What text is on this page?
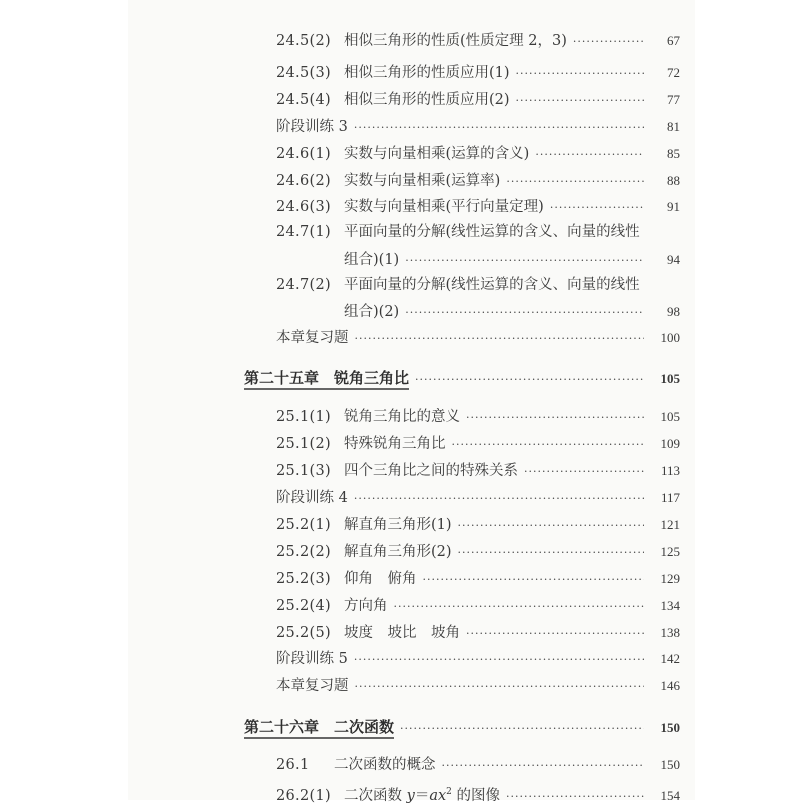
24.5(2) 相似三角形的性质(性质定理 2，3) ·····	67
24.5(3) 相似三角形的性质应用(1) ·····	72
24.5(4) 相似三角形的性质应用(2) ·····	77
阶段训练 3 ·····	81
24.6(1) 实数与向量相乘(运算的含义) ·····	85
24.6(2) 实数与向量相乘(运算率) ·····	88
24.6(3) 实数与向量相乘(平行向量定理) ·····	91
24.7(1) 平面向量的分解(线性运算的含义、向量的线性
组合)(1) ·····	94
24.7(2) 平面向量的分解(线性运算的含义、向量的线性
组合)(2) ·····	98
本章复习题 ·····	100
第二十五章　锐角三角比 ·····	105
25.1(1) 锐角三角比的意义 ·····	105
25.1(2) 特殊锐角三角比 ·····	109
25.1(3) 四个三角比之间的特殊关系 ·····	113
阶段训练 4 ·····	117
25.2(1) 解直角三角形(1) ·····	121
25.2(2) 解直角三角形(2) ·····	125
25.2(3) 仰角　俯角 ·····	129
25.2(4) 方向角 ·····	134
25.2(5) 坡度　坡比　坡角 ·····	138
阶段训练 5 ·····	142
本章复习题 ·····	146
第二十六章　二次函数 ·····	150
26.1	二次函数的概念 ·····	150
26.2(1) 二次函数 $y=ax^2$ 的图像 ·····	154
